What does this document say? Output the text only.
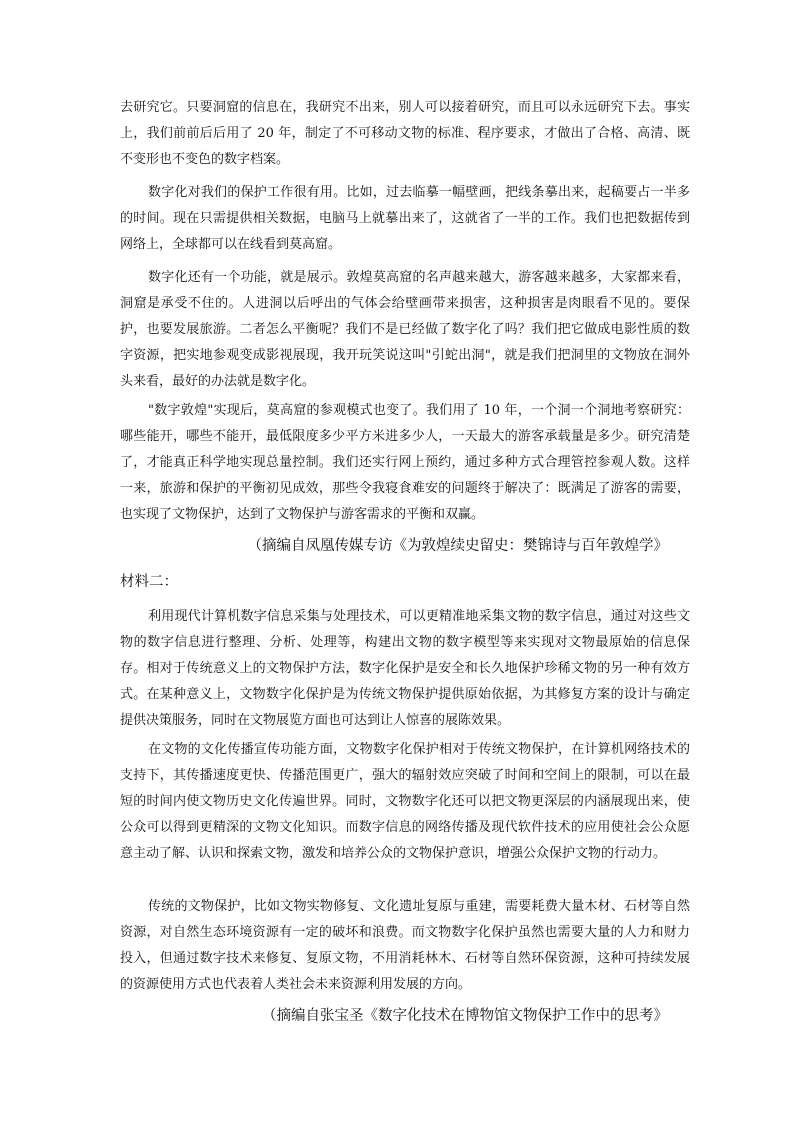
去研究它。只要洞窟的信息在，我研究不出来，别人可以接着研究，而且可以永远研究下去。事实上，我们前前后后用了 20 年，制定了不可移动文物的标准、程序要求，才做出了合格、高清、既不变形也不变色的数字档案。

数字化对我们的保护工作很有用。比如，过去临摹一幅壁画，把线条摹出来，起稿要占一半多的时间。现在只需提供相关数据，电脑马上就摹出来了，这就省了一半的工作。我们也把数据传到网络上，全球都可以在线看到莫高窟。

数字化还有一个功能，就是展示。敦煌莫高窟的名声越来越大，游客越来越多，大家都来看，洞窟是承受不住的。人进洞以后呼出的气体会给壁画带来损害，这种损害是肉眼看不见的。要保护，也要发展旅游。二者怎么平衡呢？我们不是已经做了数字化了吗？我们把它做成电影性质的数字资源，把实地参观变成影视展现，我开玩笑说这叫"引蛇出洞"，就是我们把洞里的文物放在洞外头来看，最好的办法就是数字化。

"数字敦煌"实现后，莫高窟的参观模式也变了。我们用了 10 年，一个洞一个洞地考察研究：哪些能开，哪些不能开，最低限度多少平方米进多少人，一天最大的游客承载量是多少。研究清楚了，才能真正科学地实现总量控制。我们还实行网上预约，通过多种方式合理管控参观人数。这样一来，旅游和保护的平衡初见成效，那些令我寝食难安的问题终于解决了：既满足了游客的需要，也实现了文物保护，达到了文物保护与游客需求的平衡和双赢。

（摘编自凤凰传媒专访《为敦煌续史留史：樊锦诗与百年敦煌学》
材料二：

利用现代计算机数字信息采集与处理技术，可以更精准地采集文物的数字信息，通过对这些文物的数字信息进行整理、分析、处理等，构建出文物的数字模型等来实现对文物最原始的信息保存。相对于传统意义上的文物保护方法，数字化保护是安全和长久地保护珍稀文物的另一种有效方式。在某种意义上，文物数字化保护是为传统文物保护提供原始依据，为其修复方案的设计与确定提供决策服务，同时在文物展览方面也可达到让人惊喜的展陈效果。

在文物的文化传播宣传功能方面，文物数字化保护相对于传统文物保护，在计算机网络技术的支持下，其传播速度更快、传播范围更广，强大的辐射效应突破了时间和空间上的限制，可以在最短的时间内使文物历史文化传遍世界。同时，文物数字化还可以把文物更深层的内涵展现出来，使公众可以得到更精深的文物文化知识。而数字信息的网络传播及现代软件技术的应用使社会公众愿意主动了解、认识和探索文物，激发和培养公众的文物保护意识，增强公众保护文物的行动力。

传统的文物保护，比如文物实物修复、文化遗址复原与重建，需要耗费大量木材、石材等自然资源，对自然生态环境资源有一定的破坏和浪费。而文物数字化保护虽然也需要大量的人力和财力投入，但通过数字技术来修复、复原文物，不用消耗林木、石材等自然环保资源，这种可持续发展的资源使用方式也代表着人类社会未来资源利用发展的方向。

（摘编自张宝圣《数字化技术在博物馆文物保护工作中的思考》
